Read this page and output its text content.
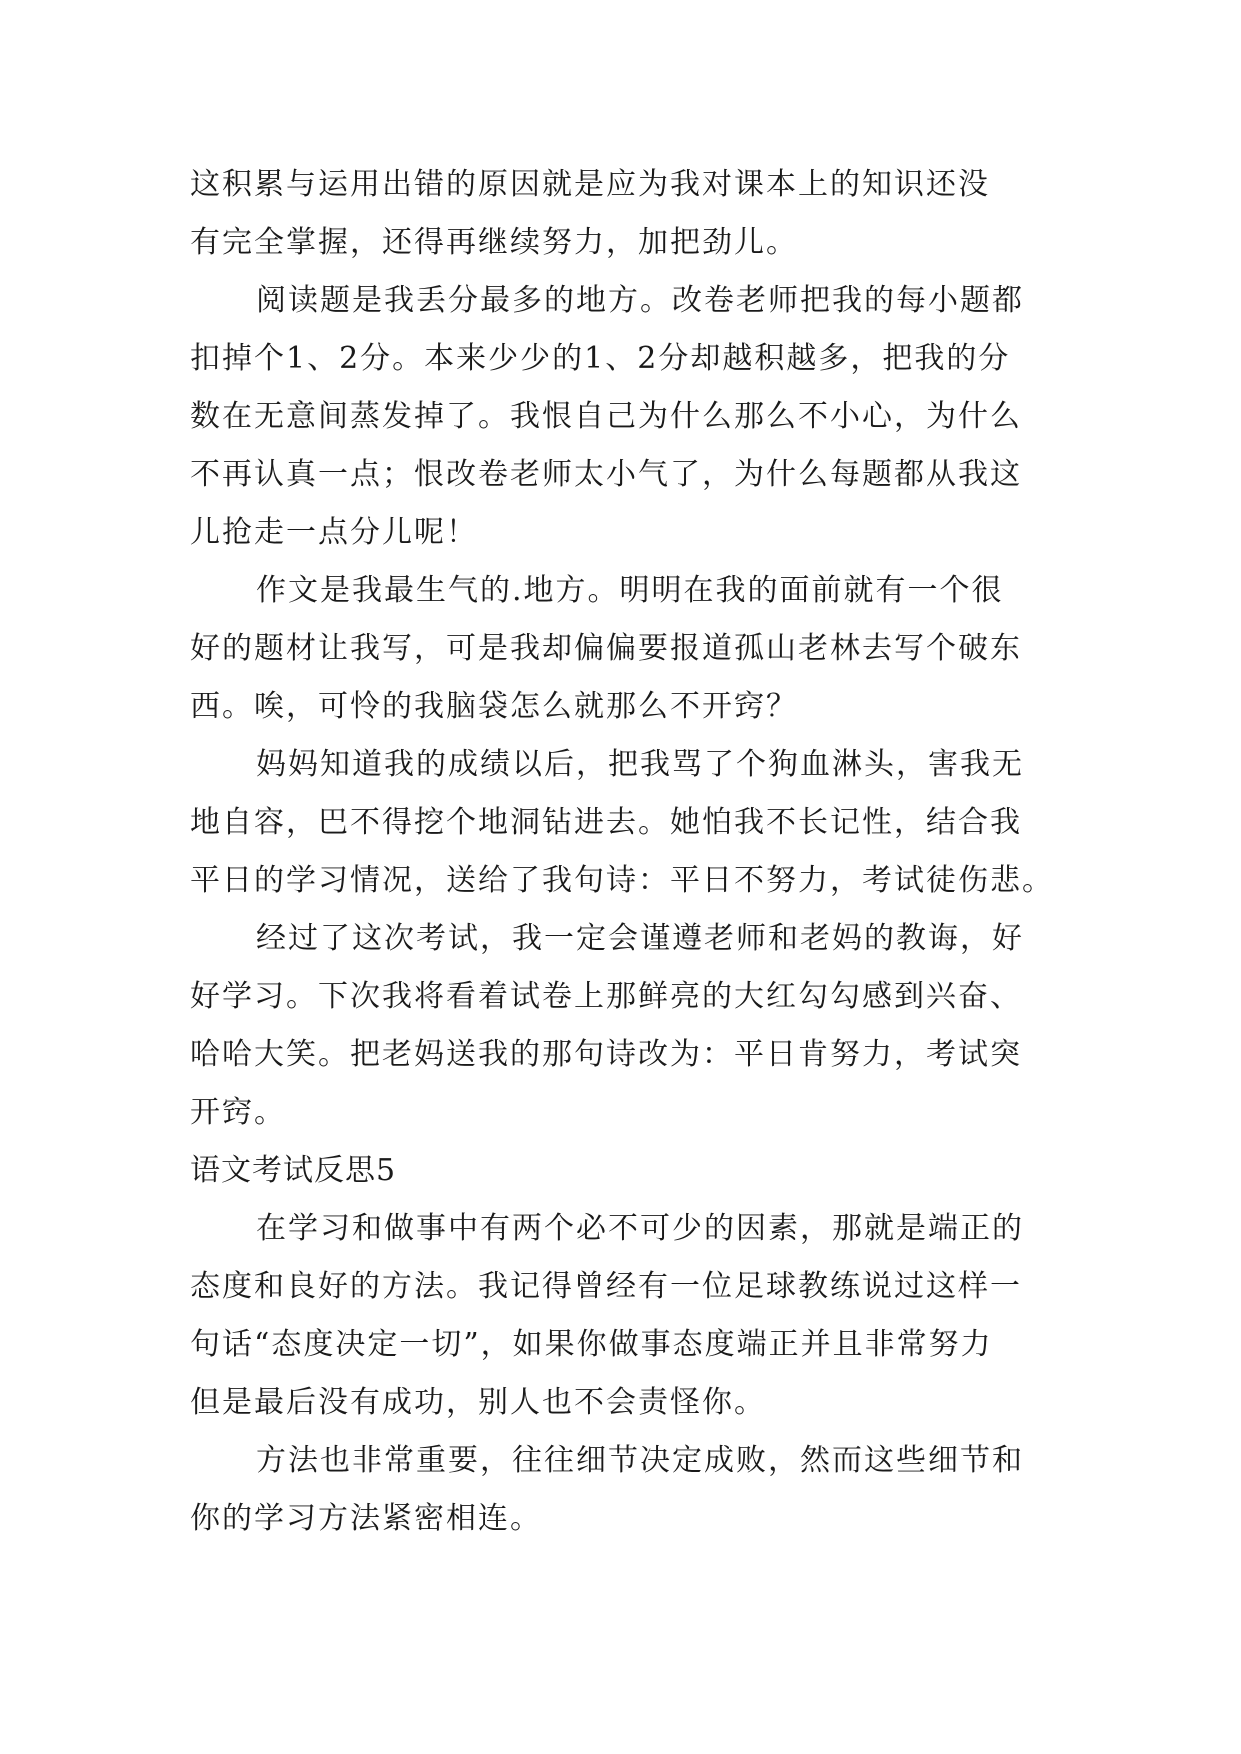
这积累与运用出错的原因就是应为我对课本上的知识还没
有完全掌握，还得再继续努力，加把劲儿。
阅读题是我丢分最多的地方。改卷老师把我的每小题都
扣掉个1、2分。本来少少的1、2分却越积越多，把我的分
数在无意间蒸发掉了。我恨自己为什么那么不小心，为什么
不再认真一点；恨改卷老师太小气了，为什么每题都从我这
儿抢走一点分儿呢！
作文是我最生气的.地方。明明在我的面前就有一个很
好的题材让我写，可是我却偏偏要报道孤山老林去写个破东
西。唉，可怜的我脑袋怎么就那么不开窍？
妈妈知道我的成绩以后，把我骂了个狗血淋头，害我无
地自容，巴不得挖个地洞钻进去。她怕我不长记性，结合我
平日的学习情况，送给了我句诗：平日不努力，考试徒伤悲。
经过了这次考试，我一定会谨遵老师和老妈的教诲，好
好学习。下次我将看着试卷上那鲜亮的大红勾勾感到兴奋、
哈哈大笑。把老妈送我的那句诗改为：平日肯努力，考试突
开窍。
语文考试反思5
在学习和做事中有两个必不可少的因素，那就是端正的
态度和良好的方法。我记得曾经有一位足球教练说过这样一
句话“态度决定一切”，如果你做事态度端正并且非常努力
但是最后没有成功，别人也不会责怪你。
方法也非常重要，往往细节决定成败，然而这些细节和
你的学习方法紧密相连。
